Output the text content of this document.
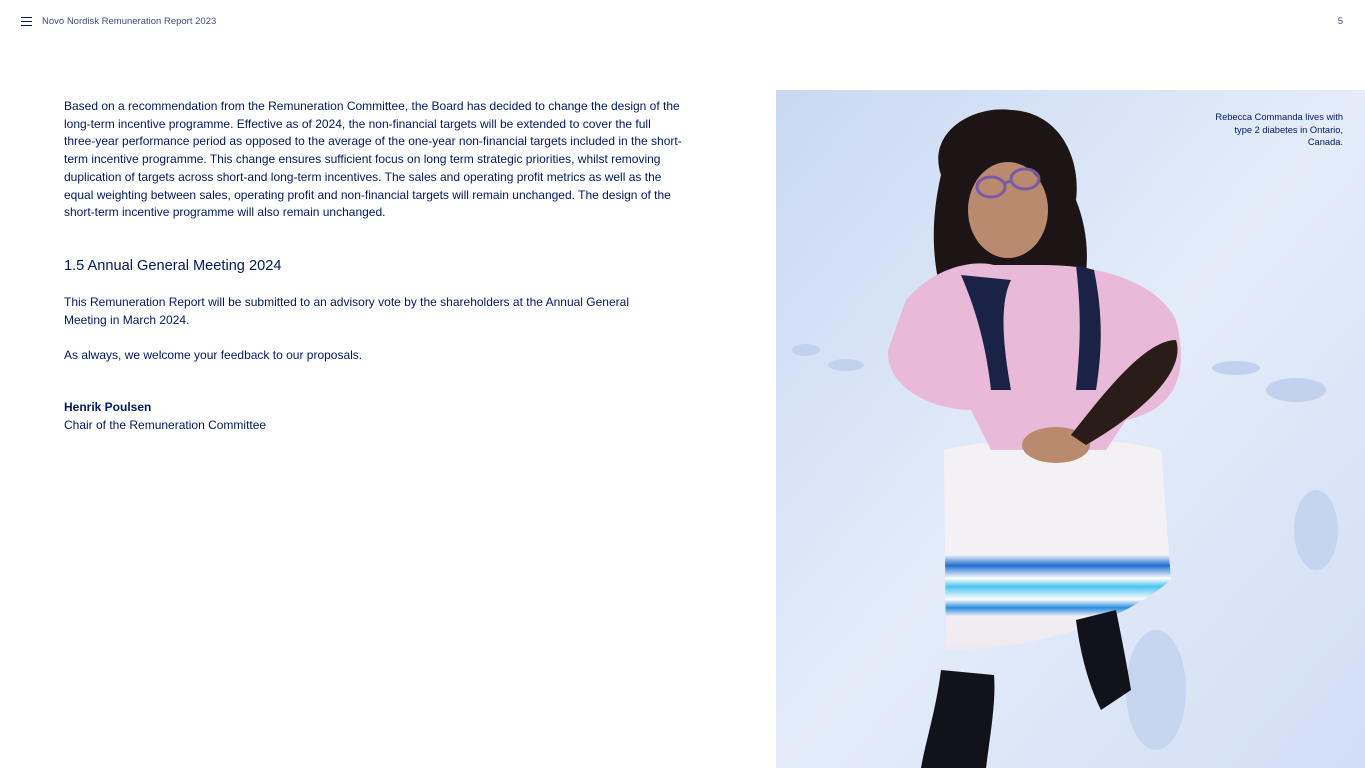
Novo Nordisk Remuneration Report 2023	5

Based on a recommendation from the Remuneration Committee, the Board has decided to change the design of the long-term incentive programme. Effective as of 2024, the non-financial targets will be extended to cover the full three-year performance period as opposed to the average of the one-year non-financial targets included in the short-term incentive programme. This change ensures sufficient focus on long term strategic priorities, whilst removing duplication of targets across short-and long-term incentives. The sales and operating profit metrics as well as the equal weighting between sales, operating profit and non-financial targets will remain unchanged. The design of the short-term incentive programme will also remain unchanged.

1.5 Annual General Meeting 2024

This Remuneration Report will be submitted to an advisory vote by the shareholders at the Annual General Meeting in March 2024.

As always, we welcome your feedback to our proposals.

Henrik Poulsen
Chair of the Remuneration Committee
Rebecca Commanda lives with type 2 diabetes in Ontario, Canada.
